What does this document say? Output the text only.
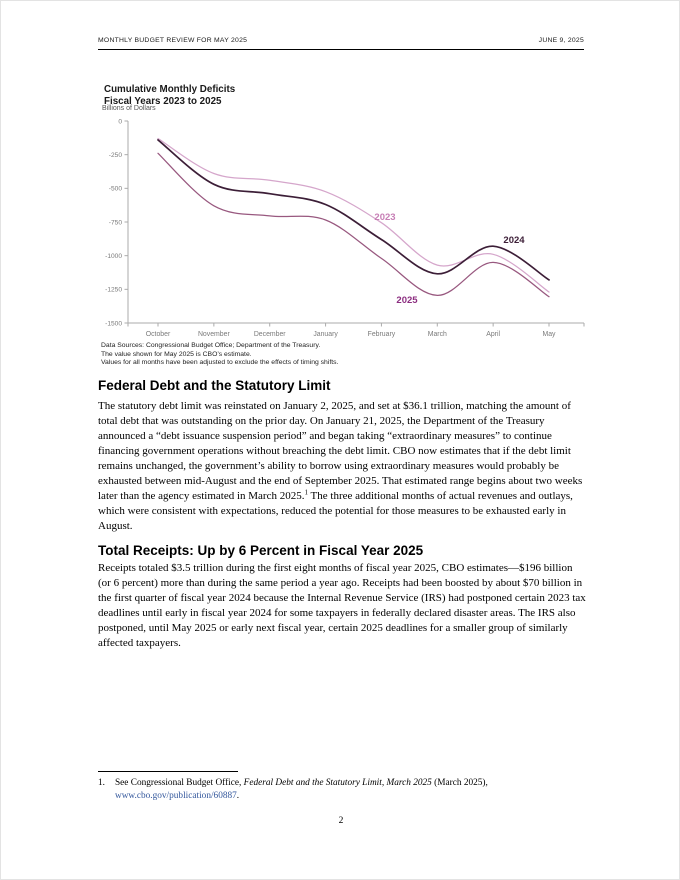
MONTHLY BUDGET REVIEW FOR MAY 2025	JUNE 9, 2025
Cumulative Monthly Deficits
Fiscal Years 2023 to 2025
Billions of Dollars
0
-250
-500
-750
-1000
-1250
-1500
October	November	December	January	February	March	April	May
2023
2025
2024
Data Sources: Congressional Budget Office; Department of the Treasury.
The value shown for May 2025 is CBO’s estimate.
Values for all months have been adjusted to exclude the effects of timing shifts.
Federal Debt and the Statutory Limit

The statutory debt limit was reinstated on January 2, 2025, and set at $36.1 trillion, matching the amount of total debt that was outstanding on the prior day. On January 21, 2025, the Department of the Treasury announced a “debt issuance suspension period” and began taking “extraordinary measures” to continue financing government operations without breaching the debt limit. CBO now estimates that if the debt limit remains unchanged, the government’s ability to borrow using extraordinary measures would probably be exhausted between mid-August and the end of September 2025. That estimated range begins about two weeks later than the agency estimated in March 2025.$^1$ The three additional months of actual revenues and outlays, which were consistent with expectations, reduced the potential for those measures to be exhausted early in August.

Total Receipts: Up by 6 Percent in Fiscal Year 2025

Receipts totaled $3.5 trillion during the first eight months of fiscal year 2025, CBO estimates—$196 billion (or 6 percent) more than during the same period a year ago. Receipts had been boosted by about $70 billion in the first quarter of fiscal year 2024 because the Internal Revenue Service (IRS) had postponed certain 2023 tax deadlines until early in fiscal year 2024 for some taxpayers in federally declared disaster areas. The IRS also postponed, until May 2025 or early next fiscal year, certain 2025 deadlines for a smaller group of similarly affected taxpayers.

1.	See Congressional Budget Office, Federal Debt and the Statutory Limit, March 2025 (March 2025),
www.cbo.gov/publication/60887.
2
